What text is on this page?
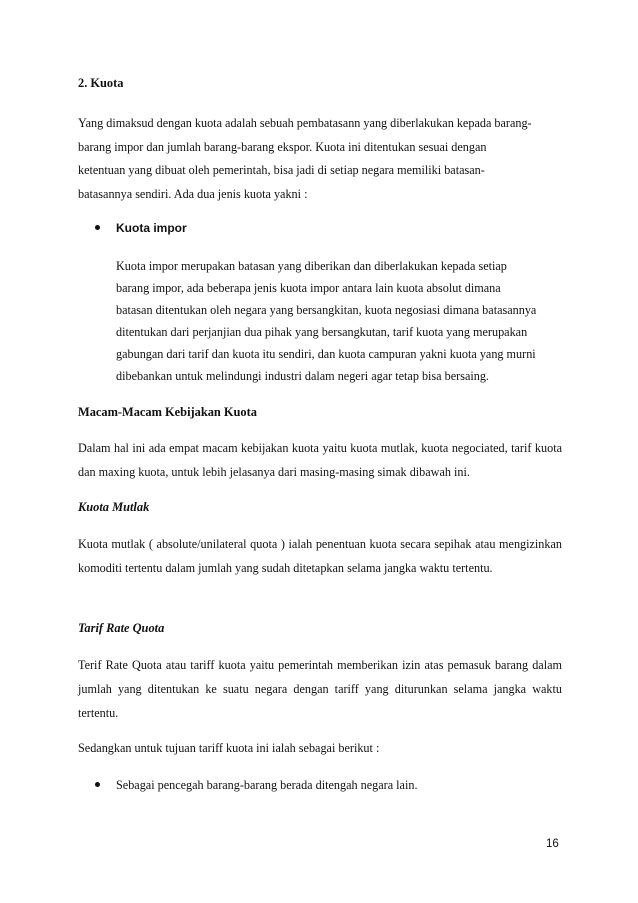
2. Kuota
Yang dimaksud dengan kuota adalah sebuah pembatasann yang diberlakukan kepada barang-
barang impor dan jumlah barang-barang ekspor. Kuota ini ditentukan sesuai dengan
ketentuan yang dibuat oleh pemerintah, bisa jadi di setiap negara memiliki batasan-
batasannya sendiri. Ada dua jenis kuota yakni :
Kuota impor
Kuota impor merupakan batasan yang diberikan dan diberlakukan kepada setiap
barang impor, ada beberapa jenis kuota impor antara lain kuota absolut dimana
batasan ditentukan oleh negara yang bersangkitan, kuota negosiasi dimana batasannya
ditentukan dari perjanjian dua pihak yang bersangkutan, tarif kuota yang merupakan
gabungan dari tarif dan kuota itu sendiri, dan kuota campuran yakni kuota yang murni
dibebankan untuk melindungi industri dalam negeri agar tetap bisa bersaing.
Macam-Macam Kebijakan Kuota
Dalam hal ini ada empat macam kebijakan kuota yaitu kuota mutlak, kuota negociated, tarif kuota dan maxing kuota, untuk lebih jelasanya dari masing-masing simak dibawah ini.
Kuota Mutlak
Kuota mutlak ( absolute/unilateral quota ) ialah penentuan kuota secara sepihak atau mengizinkan komoditi tertentu dalam jumlah yang sudah ditetapkan selama jangka waktu tertentu.
Tarif Rate Quota
Terif Rate Quota atau tariff kuota yaitu pemerintah memberikan izin atas pemasuk barang dalam jumlah yang ditentukan ke suatu negara dengan tariff yang diturunkan selama jangka waktu tertentu.
Sedangkan untuk tujuan tariff kuota ini ialah sebagai berikut :
Sebagai pencegah barang-barang berada ditengah negara lain.
16
